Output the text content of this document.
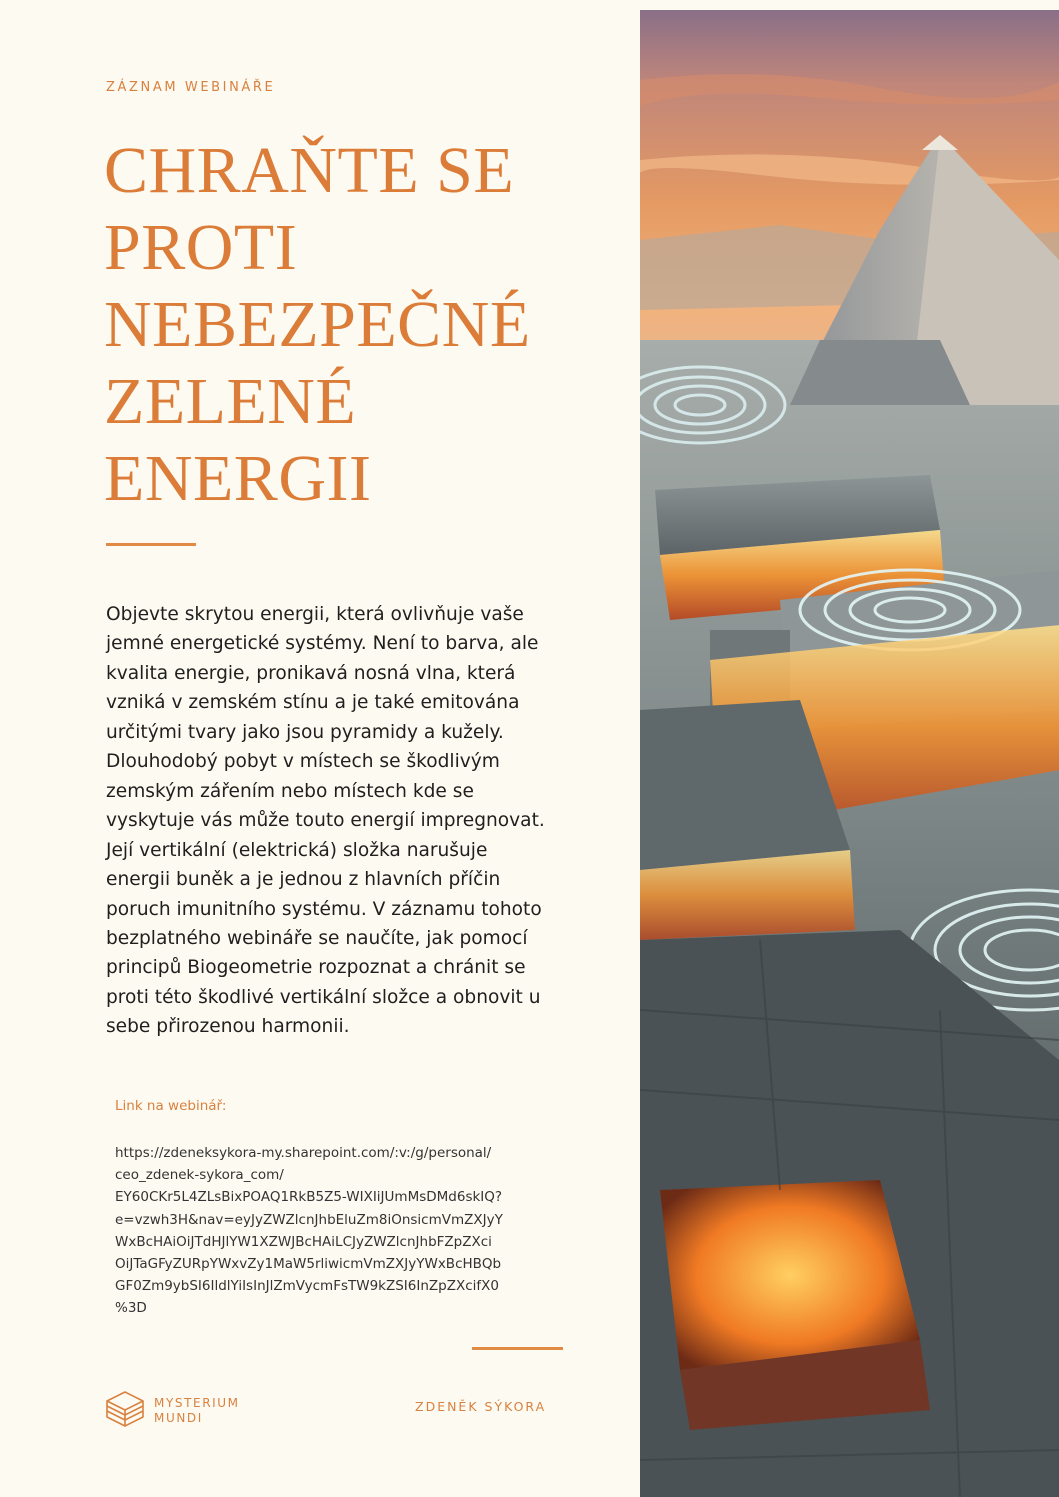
ZÁZNAM WEBINÁŘE
CHRAŇTE SE
PROTI
NEBEZPEČNÉ
ZELENÉ
ENERGII

Objevte skrytou energii, která ovlivňuje vaše
jemné energetické systémy. Není to barva, ale
kvalita energie, pronikavá nosná vlna, která
vzniká v zemském stínu a je také emitována
určitými tvary jako jsou pyramidy a kužely.
Dlouhodobý pobyt v místech se škodlivým
zemským zářením nebo místech kde se
vyskytuje vás může touto energií impregnovat.
Její vertikální (elektrická) složka narušuje
energii buněk a je jednou z hlavních příčin
poruch imunitního systému. V záznamu tohoto
bezplatného webináře se naučíte, jak pomocí
principů Biogeometrie rozpoznat a chránit se
proti této škodlivé vertikální složce a obnovit u
sebe přirozenou harmonii.

Link na webinář:
https://zdeneksykora-my.sharepoint.com/:v:/g/personal/
ceo_zdenek-sykora_com/
EY60CKr5L4ZLsBixPOAQ1RkB5Z5-WIXIiJUmMsDMd6skIQ?
e=vzwh3H&nav=eyJyZWZlcnJhbEluZm8iOnsicmVmZXJyY
WxBcHAiOiJTdHJlYW1XZWJBcHAiLCJyZWZlcnJhbFZpZXci
OiJTaGFyZURpYWxvZy1MaW5rliwicmVmZXJyYWxBcHBQb
GF0Zm9ybSI6IldlYiIsInJlZmVycmFsTW9kZSI6InZpZXcifX0
%3D
MYSTERIUM
MUNDI
ZDENĚK SÝKORA
